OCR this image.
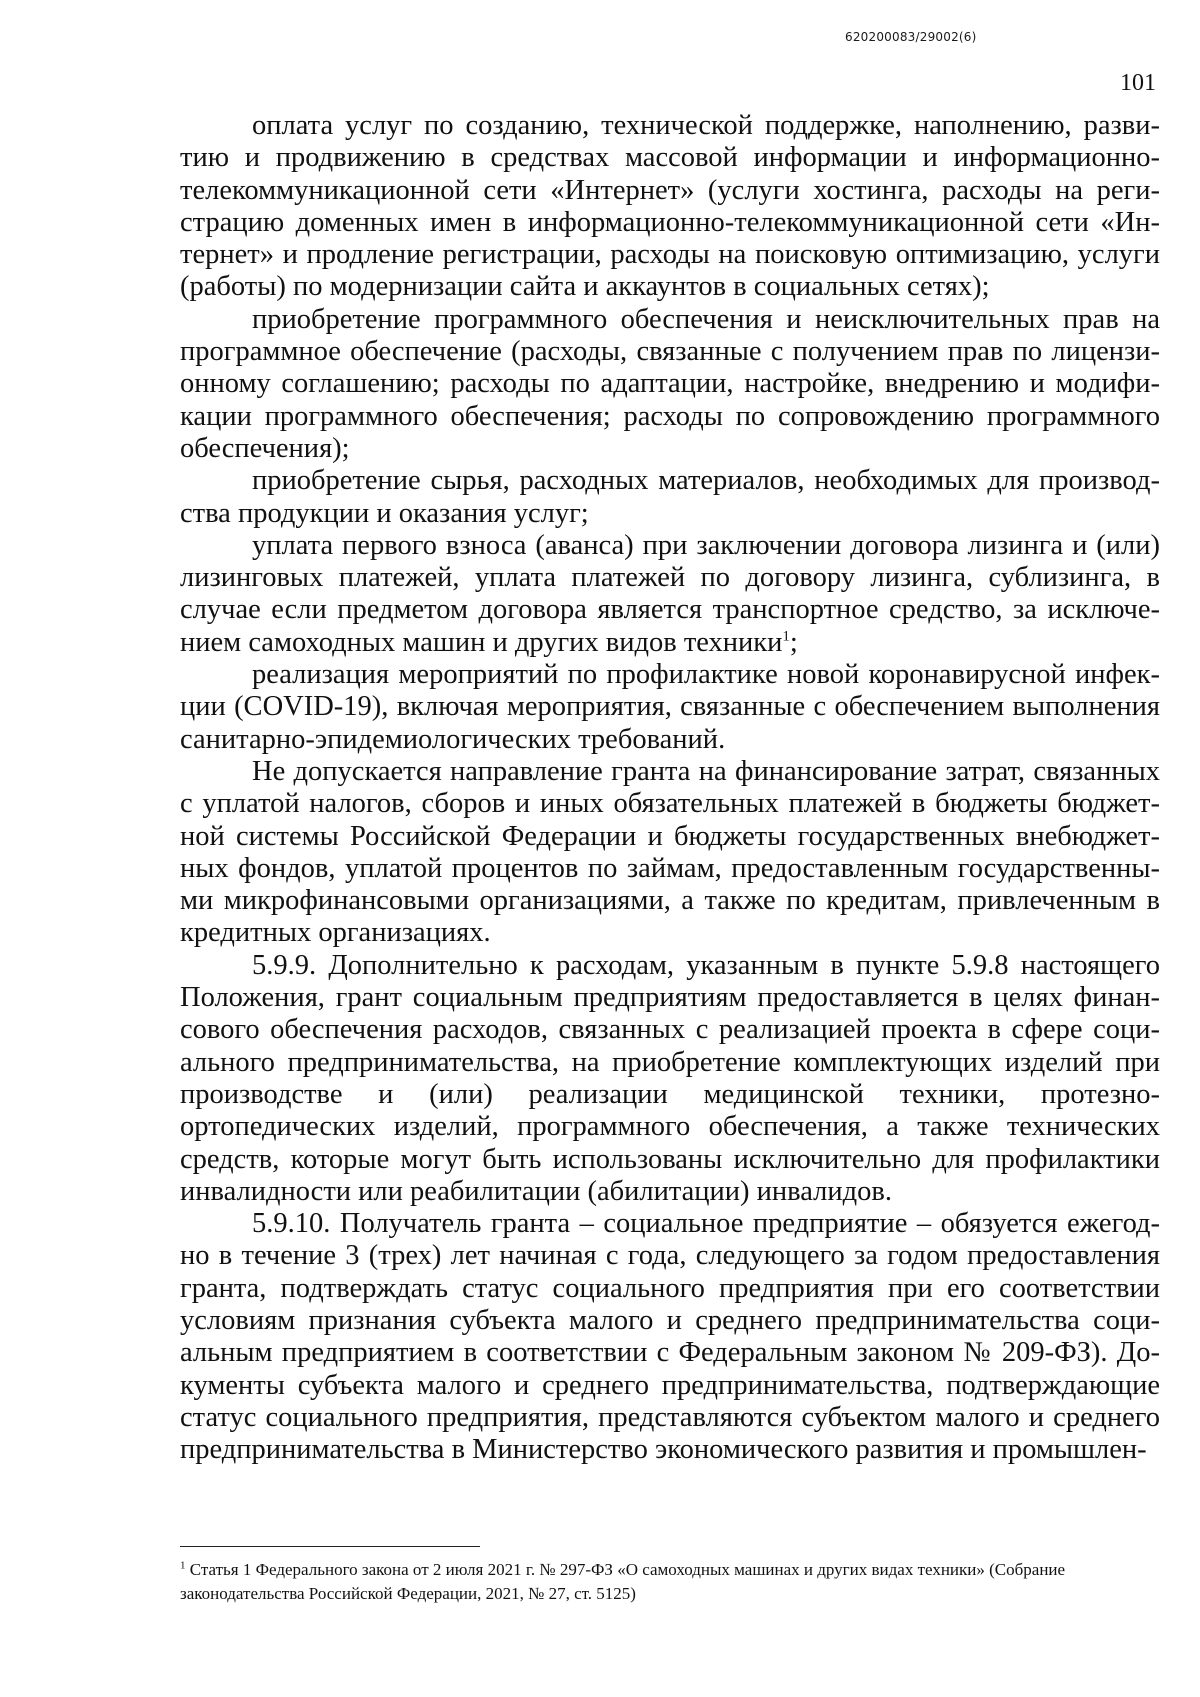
620200083/29002(6)
101

оплата услуг по созданию, технической поддержке, наполнению, развитию и продвижению в средствах массовой информации и информационно-телекоммуникационной сети «Интернет» (услуги хостинга, расходы на регистрацию доменных имен в информационно-телекоммуникационной сети «Интернет» и продление регистрации, расходы на поисковую оптимизацию, услуги (работы) по модернизации сайта и аккаунтов в социальных сетях);

приобретение программного обеспечения и неисключительных прав на программное обеспечение (расходы, связанные с получением прав по лицензионному соглашению; расходы по адаптации, настройке, внедрению и модификации программного обеспечения; расходы по сопровождению программного обеспечения);

приобретение сырья, расходных материалов, необходимых для производства продукции и оказания услуг;

уплата первого взноса (аванса) при заключении договора лизинга и (или) лизинговых платежей, уплата платежей по договору лизинга, сублизинга, в случае если предметом договора является транспортное средство, за исключением самоходных машин и других видов техники$^1$;

реализация мероприятий по профилактике новой коронавирусной инфекции (COVID-19), включая мероприятия, связанные с обеспечением выполнения санитарно-эпидемиологических требований.

Не допускается направление гранта на финансирование затрат, связанных с уплатой налогов, сборов и иных обязательных платежей в бюджеты бюджетной системы Российской Федерации и бюджеты государственных внебюджетных фондов, уплатой процентов по займам, предоставленным государственными микрофинансовыми организациями, а также по кредитам, привлеченным в кредитных организациях.

5.9.9. Дополнительно к расходам, указанным в пункте 5.9.8 настоящего Положения, грант социальным предприятиям предоставляется в целях финансового обеспечения расходов, связанных с реализацией проекта в сфере социального предпринимательства, на приобретение комплектующих изделий при производстве и (или) реализации медицинской техники, протезно-ортопедических изделий, программного обеспечения, а также технических средств, которые могут быть использованы исключительно для профилактики инвалидности или реабилитации (абилитации) инвалидов.

5.9.10. Получатель гранта – социальное предприятие – обязуется ежегодно в течение 3 (трех) лет начиная с года, следующего за годом предоставления гранта, подтверждать статус социального предприятия при его соответствии условиям признания субъекта малого и среднего предпринимательства социальным предприятием в соответствии с Федеральным законом № 209-ФЗ). Документы субъекта малого и среднего предпринимательства, подтверждающие статус социального предприятия, представляются субъектом малого и среднего предпринимательства в Министерство экономического развития и промышлен-

$^1$ Статья 1 Федерального закона от 2 июля 2021 г. № 297-ФЗ «О самоходных машинах и других видах техники» (Собрание законодательства Российской Федерации, 2021, № 27, ст. 5125)
